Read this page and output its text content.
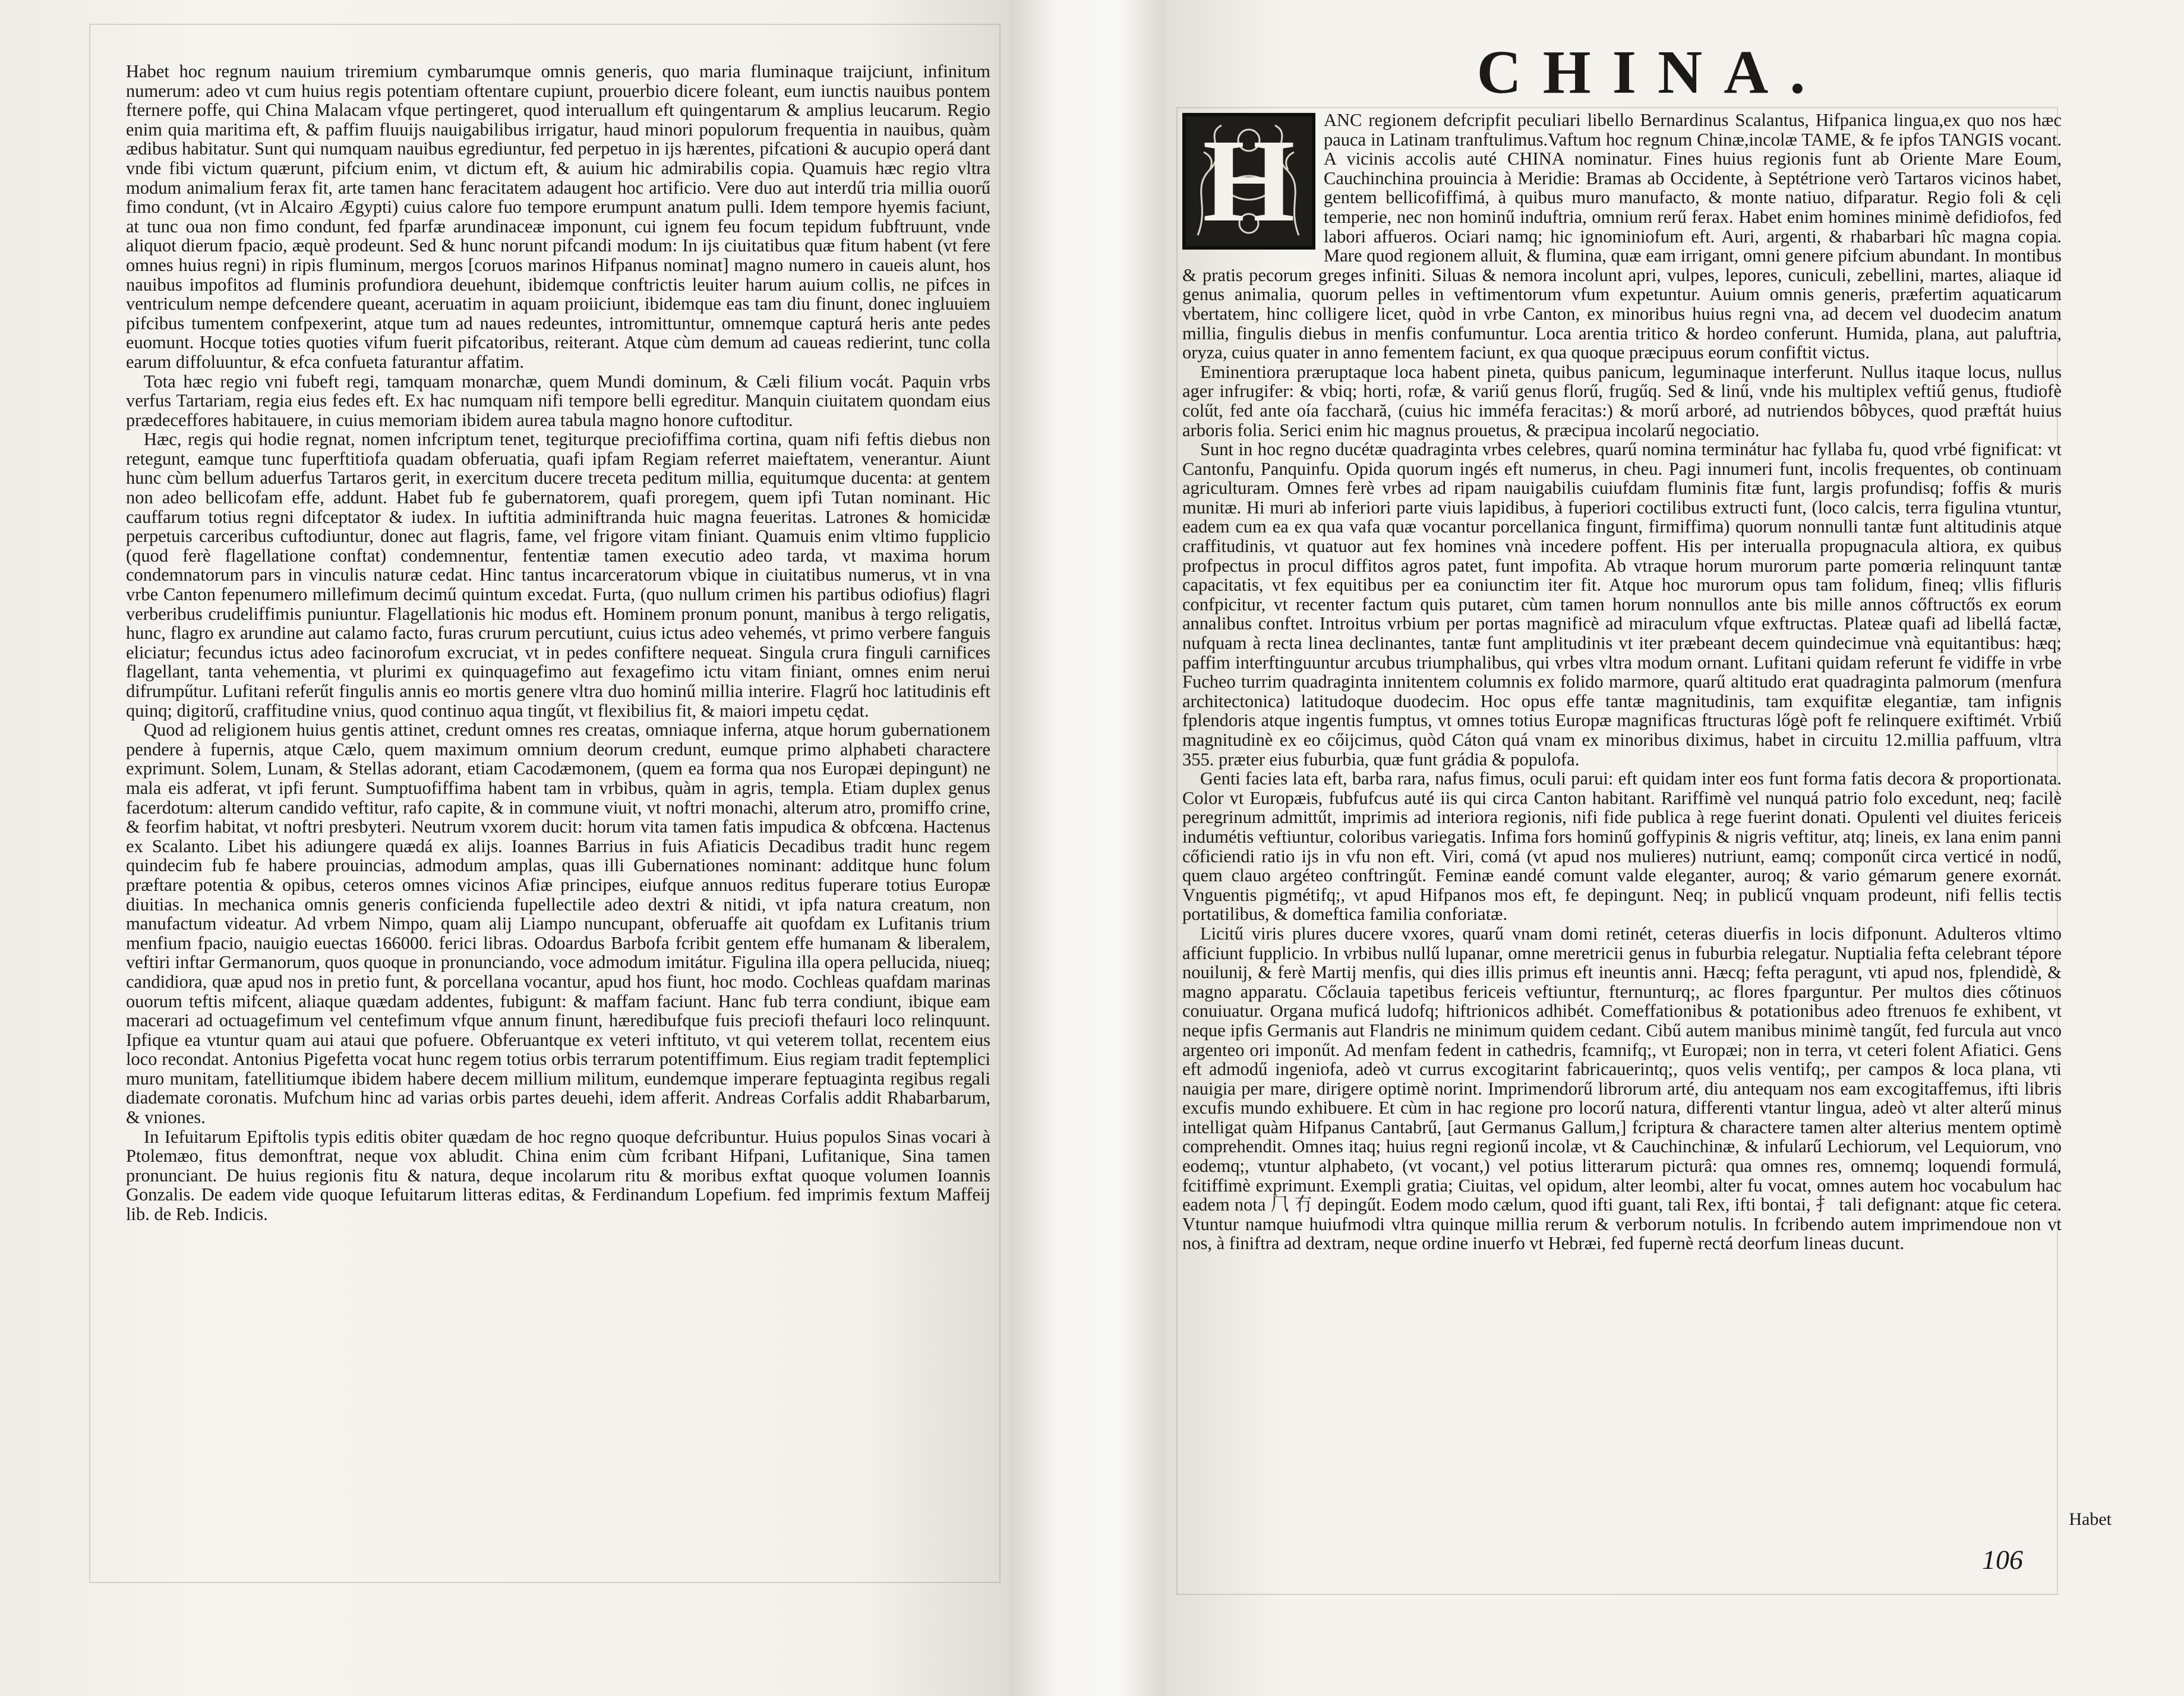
Habet hoc regnum nauium triremium cymbarumque omnis generis, quo maria fluminaque traijciunt, infinitum numerum: adeo vt cum huius regis potentiam oftentare cupiunt, prouerbio dicere foleant, eum iunctis nauibus pontem fternere poffe, qui China Malacam vfque pertingeret, quod interuallum eft quingentarum & amplius leucarum. Regio enim quia maritima eft, & paffim fluuijs nauigabilibus irrigatur, haud minori populorum frequentia in nauibus, quàm ædibus habitatur. Sunt qui numquam nauibus egrediuntur, fed perpetuo in ijs hærentes, pifcationi & aucupio operá dant vnde fibi victum quærunt, pifcium enim, vt dictum eft, & auium hic admirabilis copia. Quamuis hæc regio vltra modum animalium ferax fit, arte tamen hanc feracitatem adaugent hoc artificio. Vere duo aut interdű tria millia ouorű fimo condunt, (vt in Alcairo Ægypti) cuius calore fuo tempore erumpunt anatum pulli. Idem tempore hyemis faciunt, at tunc oua non fimo condunt, fed fparfæ arundinaceæ imponunt, cui ignem feu focum tepidum fubftruunt, vnde aliquot dierum fpacio, æquè prodeunt. Sed & hunc norunt pifcandi modum: In ijs ciuitatibus quæ fitum habent (vt fere omnes huius regni) in ripis fluminum, mergos [coruos marinos Hifpanus nominat] magno numero in caueis alunt, hos nauibus impofitos ad fluminis profundiora deuehunt, ibidemque conftrictis leuiter harum auium collis, ne pifces in ventriculum nempe defcendere queant, aceruatim in aquam proiiciunt, ibidemque eas tam diu finunt, donec ingluuiem pifcibus tumentem confpexerint, atque tum ad naues redeuntes, intromittuntur, omnemque capturá heris ante pedes euomunt. Hocque toties quoties vifum fuerit pifcatoribus, reiterant. Atque cùm demum ad caueas redierint, tunc colla earum diffoluuntur, & efca confueta faturantur affatim.

Tota hæc regio vni fubeft regi, tamquam monarchæ, quem Mundi dominum, & Cæli filium vocát. Paquin vrbs verfus Tartariam, regia eius fedes eft. Ex hac numquam nifi tempore belli egreditur. Manquin ciuitatem quondam eius prædeceffores habitauere, in cuius memoriam ibidem aurea tabula magno honore cuftoditur.

Hæc, regis qui hodie regnat, nomen infcriptum tenet, tegiturque preciofiffima cortina, quam nifi feftis diebus non retegunt, eamque tunc fuperftitiofa quadam obferuatia, quafi ipfam Regiam referret maieftatem, venerantur. Aiunt hunc cùm bellum aduerfus Tartaros gerit, in exercitum ducere treceta peditum millia, equitumque ducenta: at gentem non adeo bellicofam effe, addunt. Habet fub fe gubernatorem, quafi proregem, quem ipfi Tutan nominant. Hic cauffarum totius regni difceptator & iudex. In iuftitia adminiftranda huic magna feueritas. Latrones & homicidæ perpetuis carceribus cuftodiuntur, donec aut flagris, fame, vel frigore vitam finiant. Quamuis enim vltimo fupplicio (quod ferè flagellatione conftat) condemnentur, fententiæ tamen executio adeo tarda, vt maxima horum condemnatorum pars in vinculis naturæ cedat. Hinc tantus incarceratorum vbique in ciuitatibus numerus, vt in vna vrbe Canton fepenumero millefimum decimű quintum excedat. Furta, (quo nullum crimen his partibus odiofius) flagri verberibus crudeliffimis puniuntur. Flagellationis hic modus eft. Hominem pronum ponunt, manibus à tergo religatis, hunc, flagro ex arundine aut calamo facto, furas crurum percutiunt, cuius ictus adeo vehemés, vt primo verbere fanguis eliciatur; fecundus ictus adeo facinorofum excruciat, vt in pedes confiftere nequeat. Singula crura finguli carnifices flagellant, tanta vehementia, vt plurimi ex quinquagefimo aut fexagefimo ictu vitam finiant, omnes enim nerui difrumpűtur. Lufitani referűt fingulis annis eo mortis genere vltra duo hominű millia interire. Flagrű hoc latitudinis eft quinq; digitorű, craffitudine vnius, quod continuo aqua tingűt, vt flexibilius fit, & maiori impetu cędat.

Quod ad religionem huius gentis attinet, credunt omnes res creatas, omniaque inferna, atque horum gubernationem pendere à fupernis, atque Cælo, quem maximum omnium deorum credunt, eumque primo alphabeti charactere exprimunt. Solem, Lunam, & Stellas adorant, etiam Cacodæmonem, (quem ea forma qua nos Europæi depingunt) ne mala eis adferat, vt ipfi ferunt. Sumptuofiffima habent tam in vrbibus, quàm in agris, templa. Etiam duplex genus facerdotum: alterum candido veftitur, rafo capite, & in commune viuit, vt noftri monachi, alterum atro, promiffo crine, & feorfim habitat, vt noftri presbyteri. Neutrum vxorem ducit: horum vita tamen fatis impudica & obfcœna. Hactenus ex Scalanto. Libet his adiungere quædá ex alijs. Ioannes Barrius in fuis Afiaticis Decadibus tradit hunc regem quindecim fub fe habere prouincias, admodum amplas, quas illi Gubernationes nominant: additque hunc folum præftare potentia & opibus, ceteros omnes vicinos Afiæ principes, eiufque annuos reditus fuperare totius Europæ diuitias. In mechanica omnis generis conficienda fupellectile adeo dextri & nitidi, vt ipfa natura creatum, non manufactum videatur. Ad vrbem Nimpo, quam alij Liampo nuncupant, obferuaffe ait quofdam ex Lufitanis trium menfium fpacio, nauigio euectas 166000. ferici libras. Odoardus Barbofa fcribit gentem effe humanam & liberalem, veftiri inftar Germanorum, quos quoque in pronunciando, voce admodum imitátur. Figulina illa opera pellucida, niueq; candidiora, quæ apud nos in pretio funt, & porcellana vocantur, apud hos fiunt, hoc modo. Cochleas quafdam marinas ouorum teftis mifcent, aliaque quædam addentes, fubigunt: & maffam faciunt. Hanc fub terra condiunt, ibique eam macerari ad octuagefimum vel centefimum vfque annum finunt, hæredibufque fuis preciofi thefauri loco relinquunt. Ipfique ea vtuntur quam aui ataui que pofuere. Obferuantque ex veteri inftituto, vt qui veterem tollat, recentem eius loco recondat. Antonius Pigefetta vocat hunc regem totius orbis terrarum potentiffimum. Eius regiam tradit feptemplici muro munitam, fatellitiumque ibidem habere decem millium militum, eundemque imperare feptuaginta regibus regali diademate coronatis. Mufchum hinc ad varias orbis partes deuehi, idem afferit. Andreas Corfalis addit Rhabarbarum, & vniones.

In Iefuitarum Epiftolis typis editis obiter quædam de hoc regno quoque defcribuntur. Huius populos Sinas vocari à Ptolemæo, fitus demonftrat, neque vox abludit. China enim cùm fcribant Hifpani, Lufitanique, Sina tamen pronunciant. De huius regionis fitu & natura, deque incolarum ritu & moribus exftat quoque volumen Ioannis Gonzalis. De eadem vide quoque Iefuitarum litteras editas, & Ferdinandum Lopefium. fed imprimis fextum Maffeij lib. de Reb. Indicis.

CHINA.
H	ANC regionem defcripfit peculiari libello Bernardinus Scalantus, Hifpanica lingua,ex quo nos hæc pauca in Latinam tranftulimus.Vaftum hoc regnum Chinæ,incolæ TAME, & fe ipfos TANGIS vocant. A vicinis accolis auté CHINA nominatur. Fines huius regionis funt ab Oriente Mare Eoum, Cauchinchina prouincia à Meridie: Bramas ab Occidente, à Septétrione verò Tartaros vicinos habet, gentem bellicofiffimá, à quibus muro manufacto, & monte natiuo, difparatur. Regio foli & cęli temperie, nec non hominű induftria, omnium rerű ferax. Habet enim homines minimè defidiofos, fed labori affueros. Ociari namq; hic ignominiofum eft. Auri, argenti, & rhabarbari hîc magna copia. Mare quod regionem alluit, & flumina, quæ eam irrigant, omni genere pifcium abundant. In montibus & pratis pecorum greges infiniti. Siluas & nemora incolunt apri, vulpes, lepores, cuniculi, zebellini, martes, aliaque id genus animalia, quorum pelles in veftimentorum vfum expetuntur. Auium omnis generis, præfertim aquaticarum vbertatem, hinc colligere licet, quòd in vrbe Canton, ex minoribus huius regni vna, ad decem vel duodecim anatum millia, fingulis diebus in menfis confumuntur. Loca arentia tritico & hordeo conferunt. Humida, plana, aut paluftria, oryza, cuius quater in anno fementem faciunt, ex qua quoque præcipuus eorum confiftit victus.

Eminentiora præruptaque loca habent pineta, quibus panicum, leguminaque interferunt. Nullus itaque locus, nullus ager infrugifer: & vbiq; horti, rofæ, & variű genus florű, frugűq. Sed & linű, vnde his multiplex veftiű genus, ftudiofè colűt, fed ante oía facchară, (cuius hic imméfa feracitas:) & morű arboré, ad nutriendos bôbyces, quod præftát huius arboris folia. Serici enim hic magnus prouetus, & præcipua incolarű negociatio.

Sunt in hoc regno ducétæ quadraginta vrbes celebres, quarű nomina terminátur hac fyllaba fu, quod vrbé fignificat: vt Cantonfu, Panquinfu. Opida quorum ingés eft numerus, in cheu. Pagi innumeri funt, incolis frequentes, ob continuam agriculturam. Omnes ferè vrbes ad ripam nauigabilis cuiufdam fluminis fitæ funt, largis profundisq; foffis & muris munitæ. Hi muri ab inferiori parte viuis lapidibus, à fuperiori coctilibus extructi funt, (loco calcis, terra figulina vtuntur, eadem cum ea ex qua vafa quæ vocantur porcellanica fingunt, firmiffima) quorum nonnulli tantæ funt altitudinis atque craffitudinis, vt quatuor aut fex homines vnà incedere poffent. His per interualla propugnacula altiora, ex quibus profpectus in procul diffitos agros patet, funt impofita. Ab vtraque horum murorum parte pomœria relinquunt tantæ capacitatis, vt fex equitibus per ea coniunctim iter fit. Atque hoc murorum opus tam folidum, fineq; vllis fifluris confpicitur, vt recenter factum quis putaret, cùm tamen horum nonnullos ante bis mille annos cőftructős ex eorum annalibus conftet. Introitus vrbium per portas magnificè ad miraculum vfque exftructas. Plateæ quafi ad libellá factæ, nufquam à recta linea declinantes, tantæ funt amplitudinis vt iter præbeant decem quindecimue vnà equitantibus: hæq; paffim interftinguuntur arcubus triumphalibus, qui vrbes vltra modum ornant. Lufitani quidam referunt fe vidiffe in vrbe Fucheo turrim quadraginta innitentem columnis ex folido marmore, quarű altitudo erat quadraginta palmorum (menfura architectonica) latitudoque duodecim. Hoc opus effe tantæ magnitudinis, tam exquifitæ elegantiæ, tam infignis fplendoris atque ingentis fumptus, vt omnes totius Europæ magnificas ftructuras lőgè poft fe relinquere exiftimét. Vrbiű magnitudinè ex eo cőijcimus, quòd Cáton quá vnam ex minoribus diximus, habet in circuitu 12.millia paffuum, vltra 355. præter eius fuburbia, quæ funt grádia & populofa.

Genti facies lata eft, barba rara, nafus fimus, oculi parui: eft quidam inter eos funt forma fatis decora & proportionata. Color vt Europæis, fubfufcus auté iis qui circa Canton habitant. Rariffimè vel nunquá patrio folo excedunt, neq; facilè peregrinum admittűt, imprimis ad interiora regionis, nifi fide publica à rege fuerint donati. Opulenti vel diuites fericeis indumétis veftiuntur, coloribus variegatis. Infima fors hominű goffypinis & nigris veftitur, atq; lineis, ex lana enim panni cőficiendi ratio ijs in vfu non eft. Viri, comá (vt apud nos mulieres) nutriunt, eamq; componűt circa verticé in nodű, quem clauo argéteo conftringűt. Feminæ eandé comunt valde eleganter, auroq; & vario gémarum genere exornát. Vnguentis pigmétifq;, vt apud Hifpanos mos eft, fe depingunt. Neq; in publicű vnquam prodeunt, nifi fellis tectis portatilibus, & domeftica familia conforiatæ.

Licitű viris plures ducere vxores, quarű vnam domi retinét, ceteras diuerfis in locis difponunt. Adulteros vltimo afficiunt fupplicio. In vrbibus nullű lupanar, omne meretricii genus in fuburbia relegatur. Nuptialia fefta celebrant tépore nouilunij, & ferè Martij menfis, qui dies illis primus eft ineuntis anni. Hæcq; fefta peragunt, vti apud nos, fplendidè, & magno apparatu. Cőclauia tapetibus fericeis veftiuntur, fternunturq;, ac flores fparguntur. Per multos dies cőtinuos conuiuatur. Organa muficá ludofq; hiftrionicos adhibét. Comeffationibus & potationibus adeo ftrenuos fe exhibent, vt neque ipfis Germanis aut Flandris ne minimum quidem cedant. Cibű autem manibus minimè tangűt, fed furcula aut vnco argenteo ori imponűt. Ad menfam fedent in cathedris, fcamnifq;, vt Europæi; non in terra, vt ceteri folent Afiatici. Gens eft admodű ingeniofa, adeò vt currus excogitarint fabricauerintq;, quos velis ventifq;, per campos & loca plana, vti nauigia per mare, dirigere optimè norint. Imprimendorű librorum arté, diu antequam nos eam excogitaffemus, ifti libris excufis mundo exhibuere. Et cùm in hac regione pro locorű natura, differenti vtantur lingua, adeò vt alter alterű minus intelligat quàm Hifpanus Cantabrű, [aut Germanus Gallum,] fcriptura & charactere tamen alter alterius mentem optimè comprehendit. Omnes itaq; huius regni regionű incolæ, vt & Cauchinchinæ, & infularű Lechiorum, vel Lequiorum, vno eodemq;, vtuntur alphabeto, (vt vocant,) vel potius litterarum picturâ: qua omnes res, omnemq; loquendi formulá, fcitiffimè exprimunt. Exempli gratia; Ciuitas, vel opidum, alter leombi, alter fu vocat, omnes autem hoc vocabulum hac eadem nota ⺇ 冇 depingűt. Eodem modo cælum, quod ifti guant, tali Rex, ifti bontai, ⺘ tali defignant: atque fic cetera. Vtuntur namque huiufmodi vltra quinque millia rerum & verborum notulis. In fcribendo autem imprimendoue non vt nos, à finiftra ad dextram, neque ordine inuerfo vt Hebræi, fed fupernè rectá deorfum lineas ducunt.

Habet
106
